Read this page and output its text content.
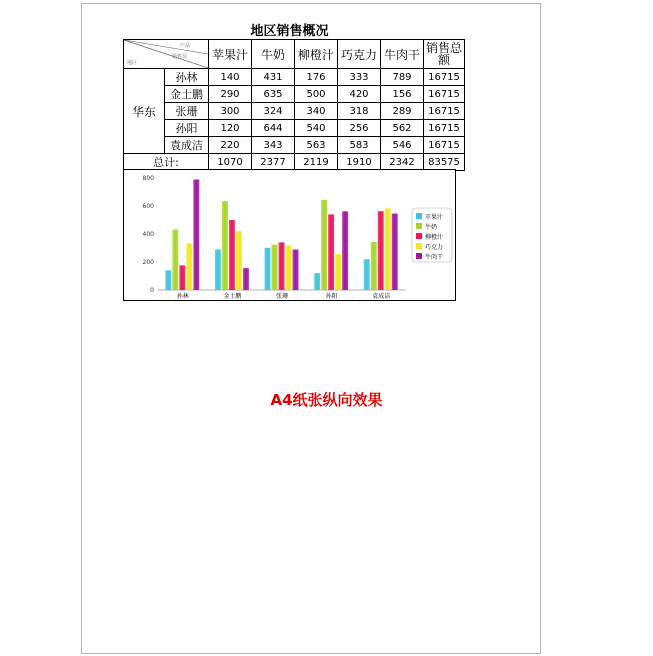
地区销售概况
产品
销售员
地区		苹果汁	牛奶	柳橙汁	巧克力	牛肉干	销售总额
华东	孙林	140	431	176	333	789	16715
	金士鹏	290	635	500	420	156	16715
	张珊	300	324	340	318	289	16715
	孙阳	120	644	540	256	562	16715
	袁成洁	220	343	563	583	546	16715
总计:		1070	2377	2119	1910	2342	83575
0
200
400
600
800
孙林	金士鹏	张珊	孙阳	袁成洁
苹果汁
牛奶
柳橙汁
巧克力
牛肉干
A4纸张纵向效果
